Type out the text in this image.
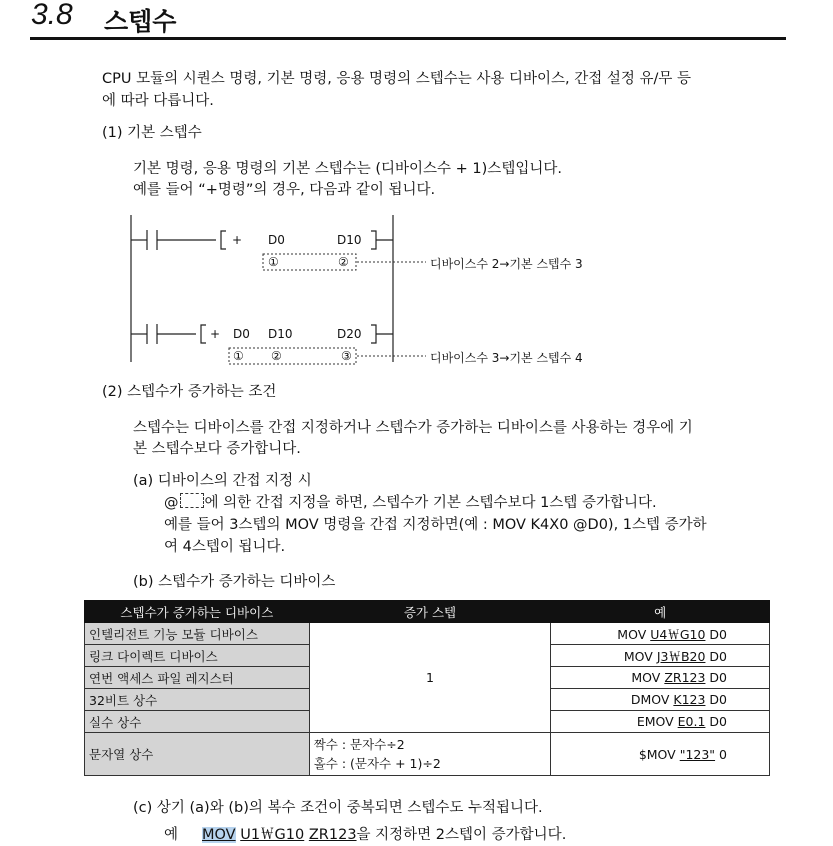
3.8 스텝수
CPU 모듈의 시퀀스 명령, 기본 명령, 응용 명령의 스텝수는 사용 디바이스, 간접 설정 유/무 등
에 따라 다릅니다.
(1) 기본 스텝수
기본 명령, 응용 명령의 기본 스텝수는 (디바이스수 + 1)스텝입니다.
예를 들어 “+명령”의 경우, 다음과 같이 됩니다.
+ D0	D10
①	②	디바이스수 2→기본 스텝수 3
+ D0 D10	D20
① ②	③	디바이스수 3→기본 스텝수 4
(2) 스텝수가 증가하는 조건
스텝수는 디바이스를 간접 지정하거나 스텝수가 증가하는 디바이스를 사용하는 경우에 기
본 스텝수보다 증가합니다.
(a) 디바이스의 간접 지정 시
@ 에 의한 간접 지정을 하면, 스텝수가 기본 스텝수보다 1스텝 증가합니다.
예를 들어 3스텝의 MOV 명령을 간접 지정하면(예 : MOV K4X0 @D0), 1스텝 증가하
여 4스텝이 됩니다.
(b) 스텝수가 증가하는 디바이스
스텝수가 증가하는 디바이스	증가 스텝	예
인텔리전트 기능 모듈 디바이스	1	MOV U4￦G10 D0
링크 다이렉트 디바이스		MOV J3￦B20 D0
연번 액세스 파일 레지스터		MOV ZR123 D0
32비트 상수		DMOV K123 D0
실수 상수		EMOV E0.1 D0
문자열 상수	짝수 : 문자수÷2
홀수 : (문자수 + 1)÷2	$MOV "123" 0
(c) 상기 (a)와 (b)의 복수 조건이 중복되면 스텝수도 누적됩니다.
예 MOV U1￦G10 ZR123을 지정하면 2스텝이 증가합니다.
